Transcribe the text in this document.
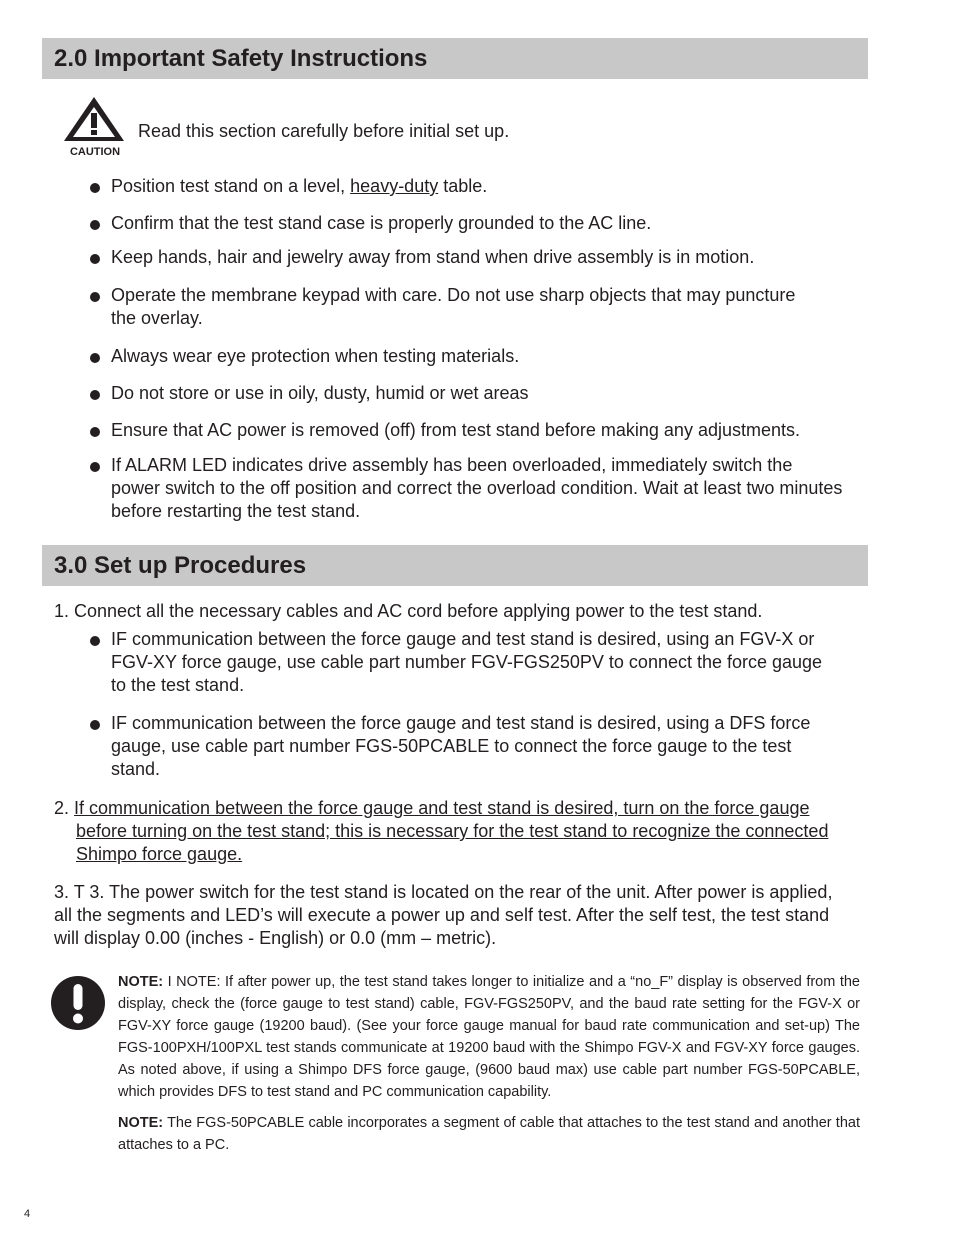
2.0 Important Safety Instructions
CAUTION
Read this section carefully before initial set up.
Position test stand on a level, heavy-duty table.
Confirm that the test stand case is properly grounded to the AC line.
Keep hands, hair and jewelry away from stand when drive assembly is in motion.
Operate the membrane keypad with care. Do not use sharp objects that may puncture
the overlay.
Always wear eye protection when testing materials.
Do not store or use in oily, dusty, humid or wet areas
Ensure that AC power is removed (off) from test stand before making any adjustments.
If ALARM LED indicates drive assembly has been overloaded, immediately switch the
power switch to the off position and correct the overload condition. Wait at least two minutes
before restarting the test stand.
3.0 Set up Procedures
1. Connect all the necessary cables and AC cord before applying power to the test stand.
IF communication between the force gauge and test stand is desired, using an FGV-X or
FGV-XY force gauge, use cable part number FGV-FGS250PV to connect the force gauge
to the test stand.
IF communication between the force gauge and test stand is desired, using a DFS force
gauge, use cable part number FGS-50PCABLE to connect the force gauge to the test
stand.
2. If communication between the force gauge and test stand is desired, turn on the force gauge
before turning on the test stand; this is necessary for the test stand to recognize the connected
Shimpo force gauge.
3. T 3. The power switch for the test stand is located on the rear of the unit. After power is applied,
all the segments and LED’s will execute a power up and self test. After the self test, the test stand
will display 0.00 (inches - English) or 0.0 (mm – metric).
NOTE: I NOTE: If after power up, the test stand takes longer to initialize and a “no_F” display is observed from the display, check the (force gauge to test stand) cable, FGV-FGS250PV, and the baud rate setting for the FGV-X or FGV-XY force gauge (19200 baud). (See your force gauge manual for baud rate communication and set-up) The FGS-100PXH/100PXL test stands communicate at 19200 baud with the Shimpo FGV-X and FGV-XY force gauges. As noted above, if using a Shimpo DFS force gauge, (9600 baud max) use cable part number FGS-50PCABLE, which provides DFS to test stand and PC communication capability.
NOTE: The FGS-50PCABLE cable incorporates a segment of cable that attaches to the test stand and another that attaches to a PC.
4
